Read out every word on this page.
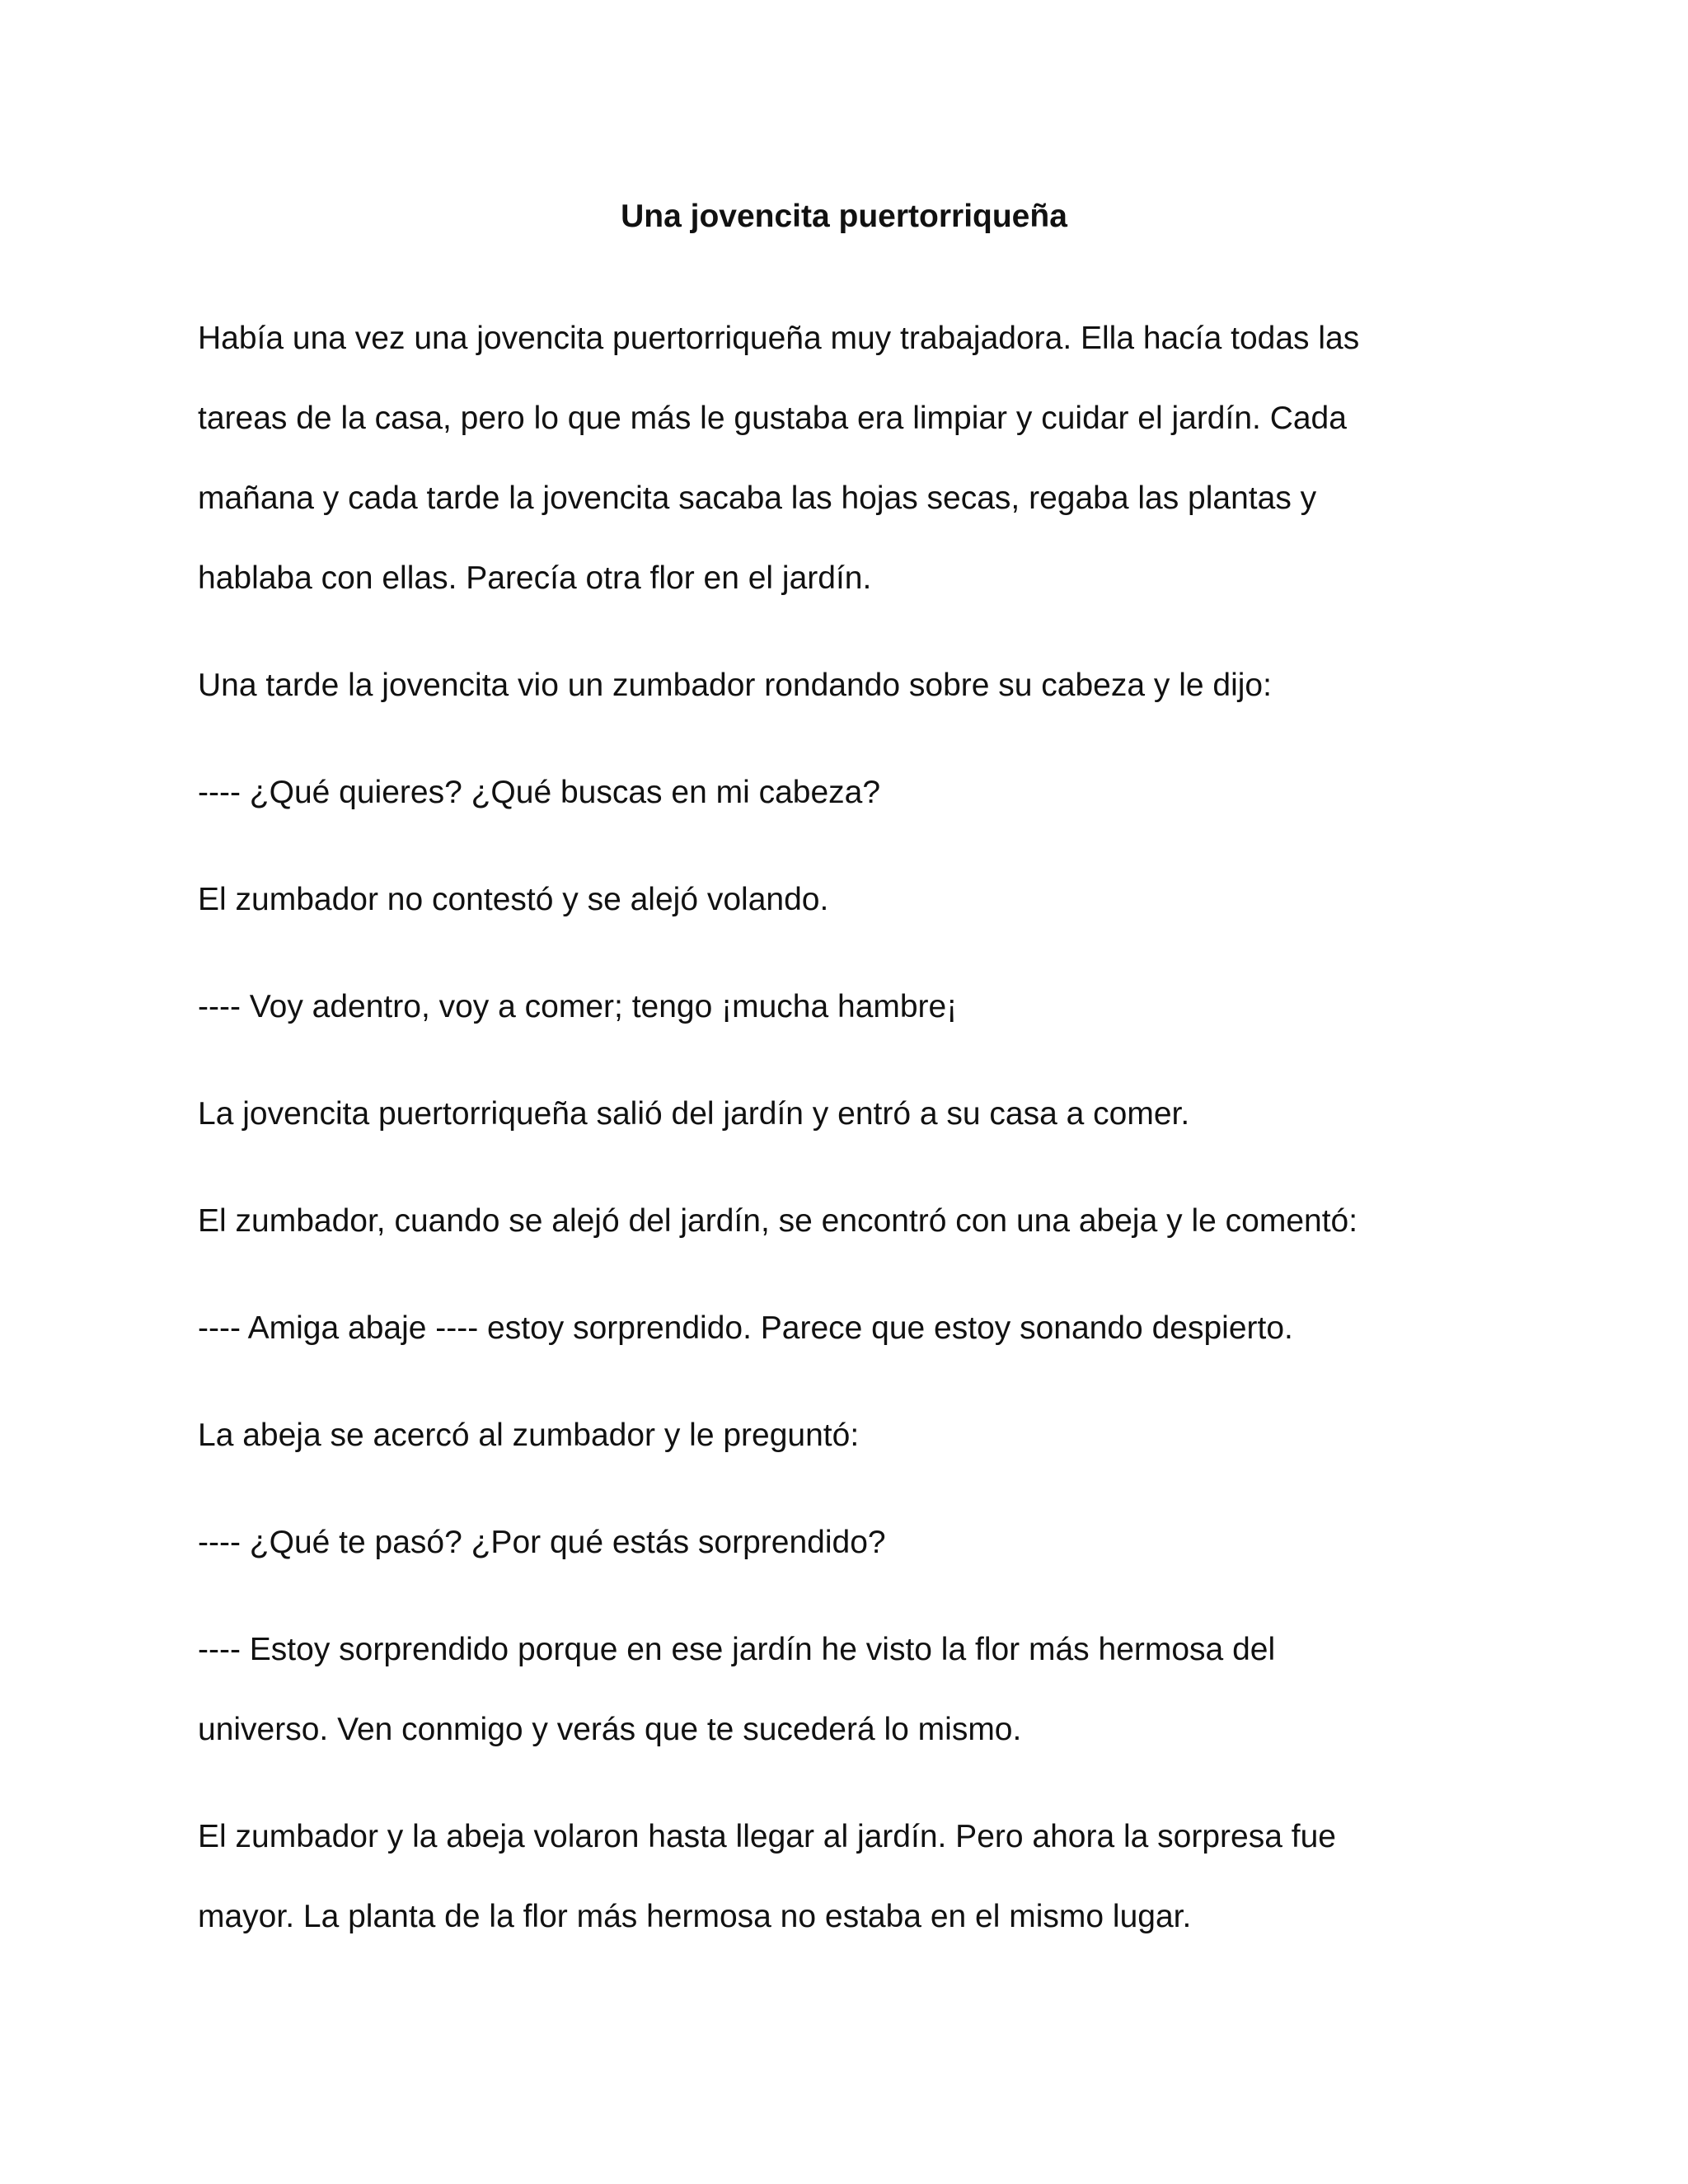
Una jovencita puertorriqueña

Había una vez una jovencita puertorriqueña muy trabajadora. Ella hacía todas las
tareas de la casa, pero lo que más le gustaba era limpiar y cuidar el jardín. Cada
mañana y cada tarde la jovencita sacaba las hojas secas, regaba las plantas y
hablaba con ellas. Parecía otra flor en el jardín.

Una tarde la jovencita vio un zumbador rondando sobre su cabeza y le dijo:

---- ¿Qué quieres? ¿Qué buscas en mi cabeza?

El zumbador no contestó y se alejó volando.

---- Voy adentro, voy a comer; tengo ¡mucha hambre¡

La jovencita puertorriqueña salió del jardín y entró a su casa a comer.

El zumbador, cuando se alejó del jardín, se encontró con una abeja y le comentó:

---- Amiga abaje ---- estoy sorprendido. Parece que estoy sonando despierto.

La abeja se acercó al zumbador y le preguntó:

---- ¿Qué te pasó? ¿Por qué estás sorprendido?

---- Estoy sorprendido porque en ese jardín he visto la flor más hermosa del
universo. Ven conmigo y verás que te sucederá lo mismo.

El zumbador y la abeja volaron hasta llegar al jardín. Pero ahora la sorpresa fue
mayor. La planta de la flor más hermosa no estaba en el mismo lugar.
